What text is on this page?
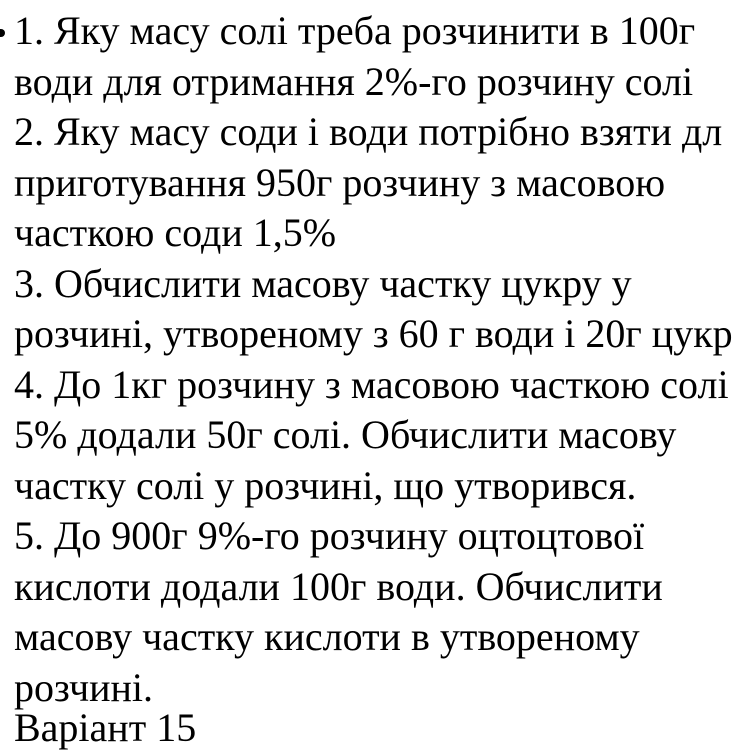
1. Яку масу солі треба розчинити в 100г
води для отримання 2%-го розчину солі
2. Яку масу соди і води потрібно взяти дл
приготування 950г розчину з масовою
часткою соди 1,5%
3. Обчислити масову частку цукру у
розчині, утвореному з 60 г води і 20г цукр
4. До 1кг розчину з масовою часткою солі
5% додали 50г солі. Обчислити масову
частку солі у розчині, що утворився.
5. До 900г 9%-го розчину оцтоцтової
кислоти додали 100г води. Обчислити
масову частку кислоти в утвореному
розчині.
Варіант 15
